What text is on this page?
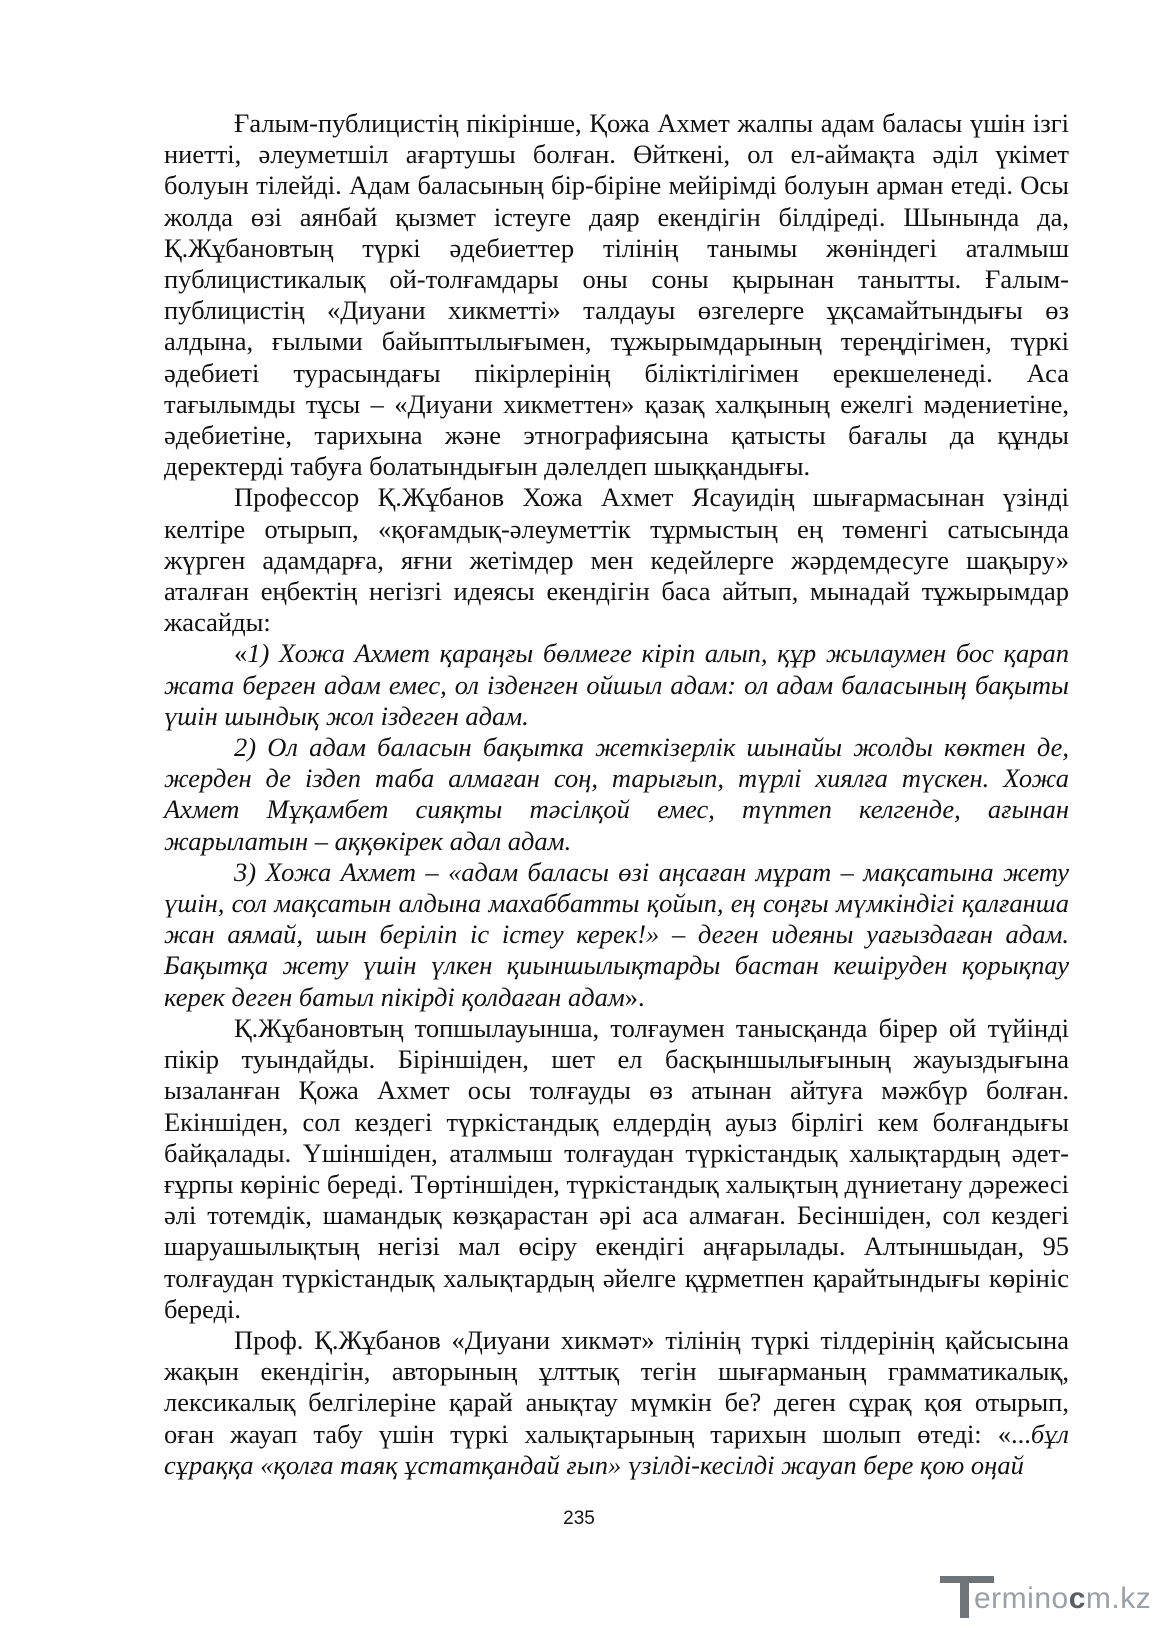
Ғалым-публицистің пікірінше, Қожа Ахмет жалпы адам баласы үшін ізгі ниетті, әлеуметшіл ағартушы болған. Өйткені, ол ел-аймақта әділ үкімет болуын тілейді. Адам баласының бір-біріне мейірімді болуын арман етеді. Осы жолда өзі аянбай қызмет істеуге даяр екендігін білдіреді. Шынында да, Қ.Жұбановтың түркі әдебиеттер тілінің танымы жөніндегі аталмыш публицистикалық ой-толғамдары оны соны қырынан танытты. Ғалым-публицистің «Диуани хикметті» талдауы өзгелерге ұқсамайтындығы өз алдына, ғылыми байыптылығымен, тұжырымдарының тереңдігімен, түркі әдебиеті турасындағы пікірлерінің біліктілігімен ерекшеленеді. Аса тағылымды тұсы – «Диуани хикметтен» қазақ халқының ежелгі мәдениетіне, әдебиетіне, тарихына және этнографиясына қатысты бағалы да құнды деректерді табуға болатындығын дәлелдеп шыққандығы.

Профессор Қ.Жұбанов Хожа Ахмет Ясауидің шығармасынан үзінді келтіре отырып, «қоғамдық-әлеуметтік тұрмыстың ең төменгі сатысында жүрген адамдарға, яғни жетімдер мен кедейлерге жәрдемдесуге шақыру» аталған еңбектің негізгі идеясы екендігін баса айтып, мынадай тұжырымдар жасайды:

«1) Хожа Ахмет қараңғы бөлмеге кіріп алып, құр жылаумен бос қарап жата берген адам емес, ол ізденген ойшыл адам: ол адам баласының бақыты үшін шындық жол іздеген адам.

2) Ол адам баласын бақытка жеткізерлік шынайы жолды көктен де, жерден де іздеп таба алмаған соң, тарығып, түрлі хиялға түскен. Хожа Ахмет Мұқамбет сияқты тәсілқой емес, түптеп келгенде, ағынан жарылатын – аққөкірек адал адам.

3) Хожа Ахмет – «адам баласы өзі аңсаған мұрат – мақсатына жету үшін, сол мақсатын алдына махаббатты қойып, ең соңғы мүмкіндігі қалғанша жан аямай, шын беріліп іс істеу керек!» – деген идеяны уағыздаған адам. Бақытқа жету үшін үлкен қиыншылықтарды бастан кешіруден қорықпау керек деген батыл пікірді қолдаған адам».

Қ.Жұбановтың топшылауынша, толғаумен танысқанда бірер ой түйінді пікір туындайды. Біріншіден, шет ел басқыншылығының жауыздығына ызаланған Қожа Ахмет осы толғауды өз атынан айтуға мәжбүр болған. Екіншіден, сол кездегі түркістандық елдердің ауыз бірлігі кем болғандығы байқалады. Үшіншіден, аталмыш толғаудан түркістандық халықтардың әдет-ғұрпы көрініс береді. Төртіншіден, түркістандық халықтың дүниетану дәрежесі әлі тотемдік, шамандық көзқарастан әрі аса алмаған. Бесіншіден, сол кездегі шаруашылықтың негізі мал өсіру екендігі аңғарылады. Алтыншыдан, 95 толғаудан түркістандық халықтардың әйелге құрметпен қарайтындығы көрініс береді.

Проф. Қ.Жұбанов «Диуани хикмәт» тілінің түркі тілдерінің қайсысына жақын екендігін, авторының ұлттық тегін шығарманың грамматикалық, лексикалық белгілеріне қарай анықтау мүмкін бе? деген сұрақ қоя отырып, оған жауап табу үшін түркі халықтарының тарихын шолып өтеді: «...бұл сұраққа «қолға таяқ ұстатқандай ғып» үзілді-кесілді жауап бере қою оңай

235
erminocm.kz
